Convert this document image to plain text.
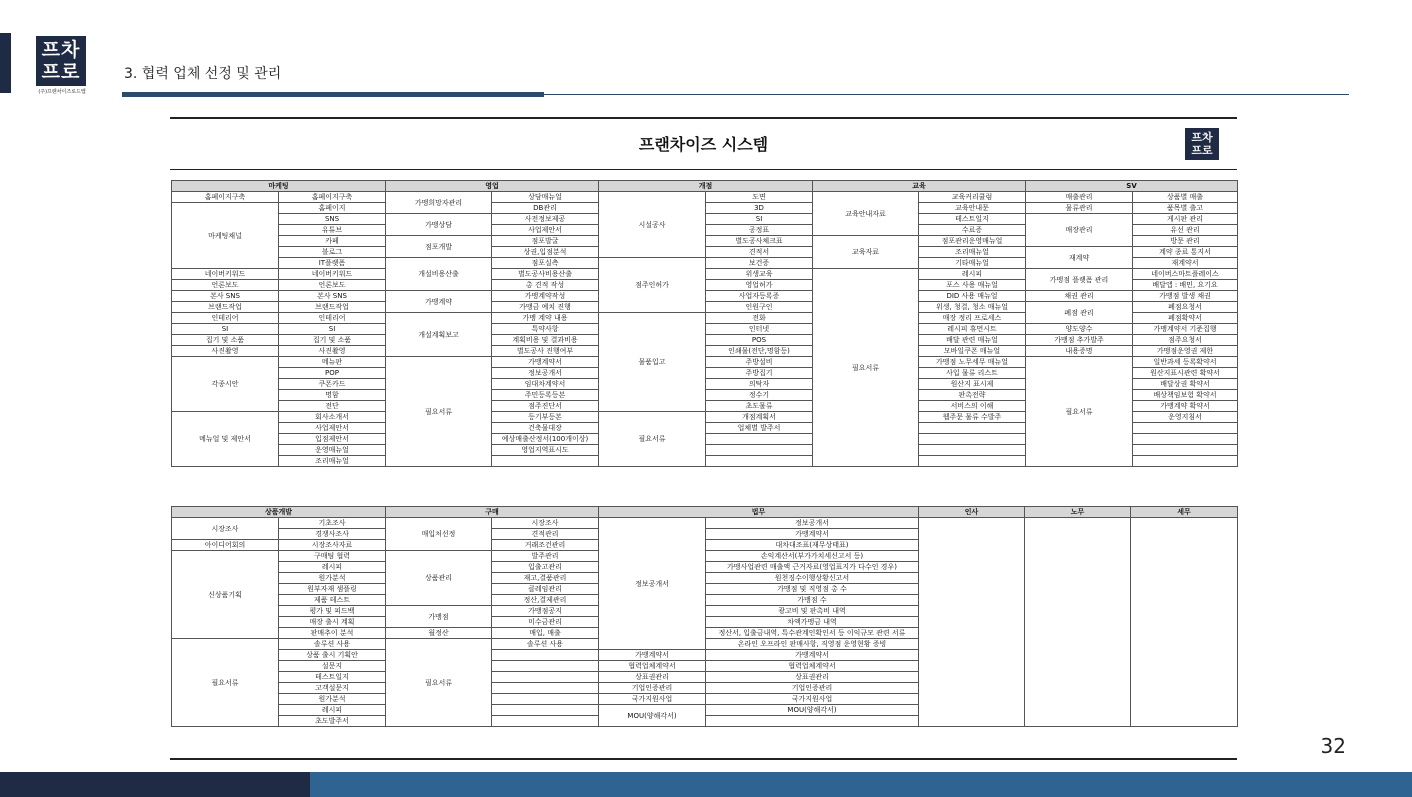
프차
프로
(주)프랜차이즈로드맵
3. 협력 업체 선정 및 관리
프랜차이즈 시스템	프차
프로
마케팅		영업		개점		교육		SV	
홈페이지구축	홈페이지구축	가맹희망자관리	상담매뉴얼	시설공사	도면	교육안내자료	교육커리큘럼	매출관리	상품별 매출
마케팅채널	홈페이지		DB관리		3D		교육안내문	물류관리	품목별 출고
	SNS	가맹상담	사전정보제공		SI		테스트일지	매장관리	게시판 관리
	유튜브		사업제안서		공정표		수료증		유선 관리
	카페	점포개발	점포발굴		별도공사체크표	교육자료	점포관리운영매뉴얼		방문 관리
	블로그		상권,입점분석		견적서		조리매뉴얼	재계약	계약 종료 통지서
	IT플랫폼	개설비용산출	점포실측	점주인허가	보건증		기타매뉴얼		재계약서
네이버키워드	네이버키워드		별도공사비용산출		위생교육	필요서류	레시피	가맹점 플랫폼 관리	네이버스마트플레이스
언론보도	언론보도		총 견적 작성		영업허가		포스 사용 매뉴얼		배달앱 : 배민, 요기요
본사 SNS	본사 SNS	가맹계약	가맹계약작성		사업자등록증		DID 사용 매뉴얼	채권 관리	가맹점 발생 채권
브랜드작업	브랜드작업		가맹금 예치 진행		인원구인		위생, 청결, 청소 매뉴얼	폐점 관리	폐점요청서
인테리어	인테리어	개설계획보고	가맹 계약 내용	물품입고	전화		매장 정리 프로세스		폐점확약서
SI	SI		특약사항		인터넷		레시피 휴먼시트	양도양수	가맹계약서 기준집행
집기 및 소품	집기 및 소품		계획비용 및 결과비용		POS		배달 관련 매뉴얼	가맹점 추가발주	점주요청서
사진촬영	사진촬영		별도공사 진행여부		인쇄물(전단,명함등)		모바일쿠폰 매뉴얼	내용증명	가맹점운영권 제한
각종시안	메뉴판	필요서류	가맹계약서		주방설비		가맹점 노무세무 매뉴얼	필요서류	일반과세 등록확약서
	POP		정보공개서		주방집기		사입 물류 리스트		원산지표시관련 확약서
	쿠폰카드		임대차계약서		의탁자		원산지 표시제		배달상권 확약서
	명함		주민등록등본		정수기		판촉전략		배상책임보험 확약서
	전단		점주진단서		초도물류		서비스의 이해		가맹계약 확약서
메뉴얼 및 제안서	회사소개서		등기부등본	필요서류	개점계획서		웹주문 물류 수발주		운영지침서
	사업제안서		건축물대장		업체별 발주서				
	입점제안서		예상매출산정서(100개이상)						
	운영매뉴얼		영업지역표시도						
	조리매뉴얼								
상품개발		구매		법무		인사	노무	세무
시장조사	기초조사	매입처선정	시장조사	정보공개서	정보공개서			
	경쟁사조사		견적관리		가맹계약서			
아이디어회의	시장조사자료		거래조건관리		대차대조표(재무상태표)			
신상품기획	구매팀 협력	상품관리	발주관리		손익계산서(부가가치세신고서 등)			
	레시피		입출고관리		가맹사업관련 매출액 근거자료(영업표지가 다수인 경우)			
	원가분석		재고,결품관리		원천징수이행상황신고서			
	원부자재 샘플링		클레임관리		가맹점 및 직영점 총 수			
	제품 테스트		정산,결제관리		가맹점 수			
	평가 및 피드백	가맹점	가맹점공지		광고비 및 판촉비 내역			
	매장 출시 계획		미수금관리		차액가맹금 내역			
	판매추이 분석	월정산	매입, 매출		정산서, 입출금내역, 특수관계인확인서 등 이익규모 관련 서류			
필요서류	솔루션 사용	필요서류	솔루션 사용		온라인 오프라인 판매사항, 직영점 운영현황 증빙			
	상품 출시 기획안			가맹계약서	가맹계약서			
	설문지			협력업체계약서	협력업체계약서			
	테스트일지			상표권관리	상표권관리			
	고객설문지			기업인증관리	기업인증관리			
	원가분석			국가지원사업	국가지원사업			
	레시피			MOU(양해각서)	MOU(양해각서)			
	초도발주서							
32
